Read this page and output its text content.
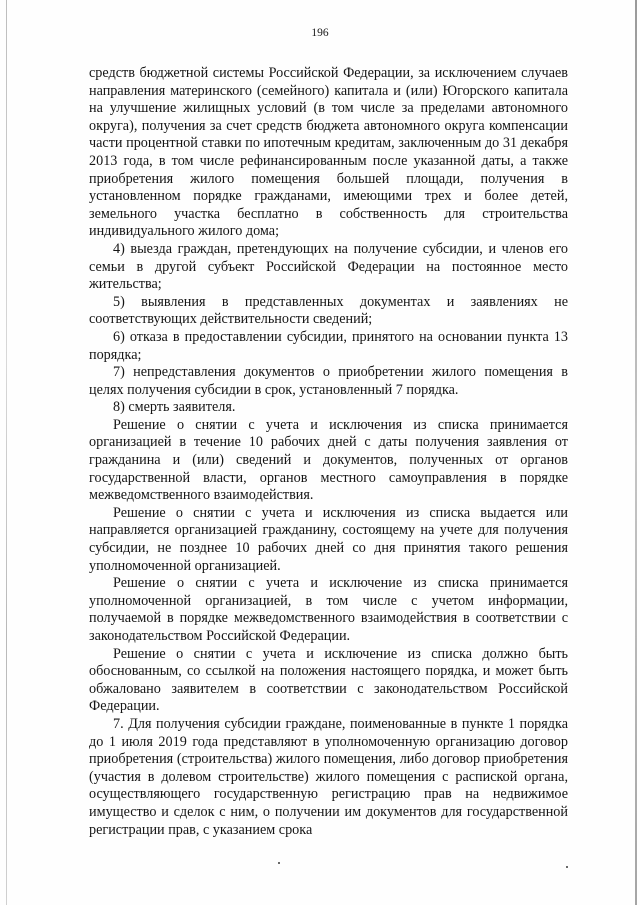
196

средств бюджетной системы Российской Федерации, за исключением случаев направления материнского (семейного) капитала и (или) Югорского капитала на улучшение жилищных условий (в том числе за пределами автономного округа), получения за счет средств бюджета автономного округа компенсации части процентной ставки по ипотечным кредитам, заключенным до 31 декабря 2013 года, в том числе рефинансированным после указанной даты, а также приобретения жилого помещения большей площади, получения в установленном порядке гражданами, имеющими трех и более детей, земельного участка бесплатно в собственность для строительства индивидуального жилого дома;

4) выезда граждан, претендующих на получение субсидии, и членов его семьи в другой субъект Российской Федерации на постоянное место жительства;

5) выявления в представленных документах и заявлениях не соответствующих действительности сведений;

6) отказа в предоставлении субсидии, принятого на основании пункта 13 порядка;

7) непредставления документов о приобретении жилого помещения в целях получения субсидии в срок, установленный 7 порядка.

8) смерть заявителя.

Решение о снятии с учета и исключения из списка принимается организацией в течение 10 рабочих дней с даты получения заявления от гражданина и (или) сведений и документов, полученных от органов государственной власти, органов местного самоуправления в порядке межведомственного взаимодействия.

Решение о снятии с учета и исключения из списка выдается или направляется организацией гражданину, состоящему на учете для получения субсидии, не позднее 10 рабочих дней со дня принятия такого решения уполномоченной организацией.

Решение о снятии с учета и исключение из списка принимается уполномоченной организацией, в том числе с учетом информации, получаемой в порядке межведомственного взаимодействия в соответствии с законодательством Российской Федерации.

Решение о снятии с учета и исключение из списка должно быть обоснованным, со ссылкой на положения настоящего порядка, и может быть обжаловано заявителем в соответствии с законодательством Российской Федерации.

7. Для получения субсидии граждане, поименованные в пункте 1 порядка до 1 июля 2019 года представляют в уполномоченную организацию договор приобретения (строительства) жилого помещения, либо договор приобретения (участия в долевом строительстве) жилого помещения с распиской органа, осуществляющего государственную регистрацию прав на недвижимое имущество и сделок с ним, о получении им документов для государственной регистрации прав, с указанием срока
